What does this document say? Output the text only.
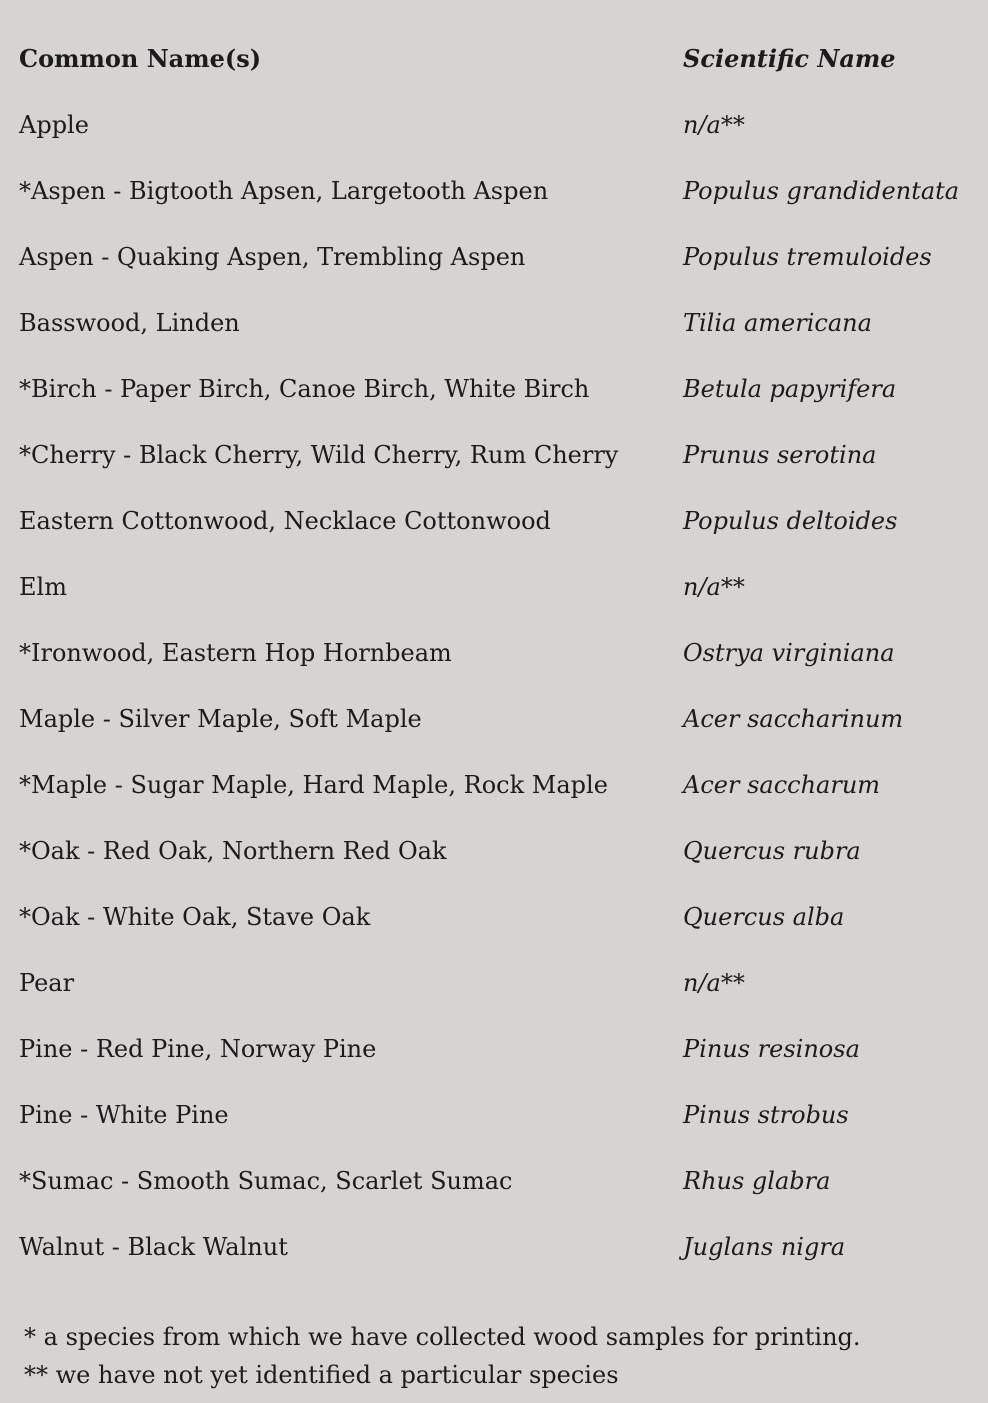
Common Name(s)	Scientific Name
Apple	n/a**
*Aspen - Bigtooth Apsen, Largetooth Aspen	Populus grandidentata
Aspen - Quaking Aspen, Trembling Aspen	Populus tremuloides
Basswood, Linden	Tilia americana
*Birch - Paper Birch, Canoe Birch, White Birch	Betula papyrifera
*Cherry - Black Cherry, Wild Cherry, Rum Cherry	Prunus serotina
Eastern Cottonwood, Necklace Cottonwood	Populus deltoides
Elm	n/a**
*Ironwood, Eastern Hop Hornbeam	Ostrya virginiana
Maple - Silver Maple, Soft Maple	Acer saccharinum
*Maple - Sugar Maple, Hard Maple, Rock Maple	Acer saccharum
*Oak - Red Oak, Northern Red Oak	Quercus rubra
*Oak - White Oak, Stave Oak	Quercus alba
Pear	n/a**
Pine - Red Pine, Norway Pine	Pinus resinosa
Pine - White Pine	Pinus strobus
*Sumac - Smooth Sumac, Scarlet Sumac	Rhus glabra
Walnut - Black Walnut	Juglans nigra
* a species from which we have collected wood samples for printing.
** we have not yet identified a particular species
